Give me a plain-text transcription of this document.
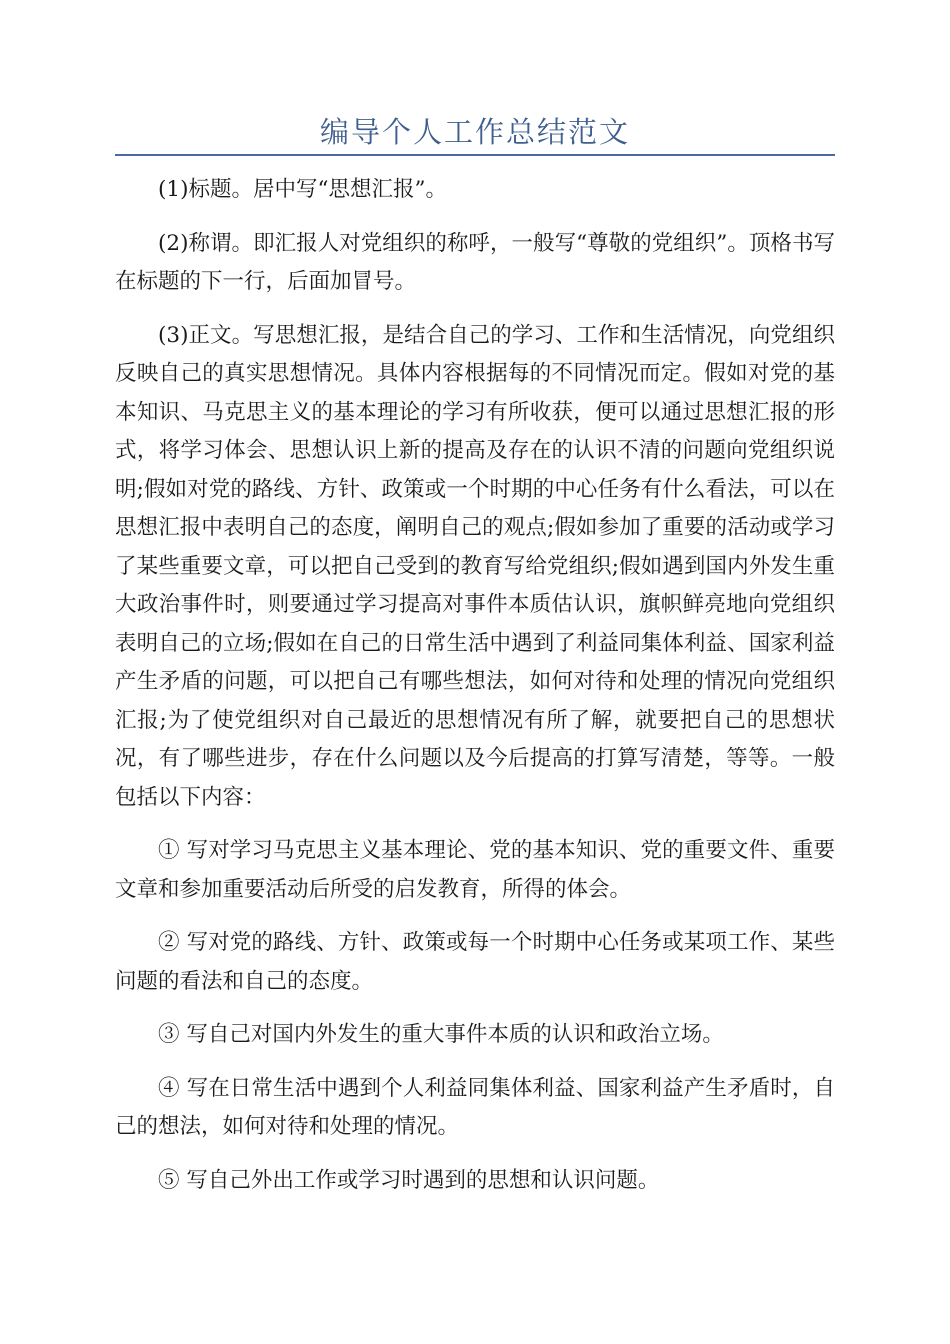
编导个人工作总结范文

(1)标题。居中写“思想汇报”。

(2)称谓。即汇报人对党组织的称呼，一般写“尊敬的党组织”。顶格书写在标题的下一行，后面加冒号。

(3)正文。写思想汇报，是结合自己的学习、工作和生活情况，向党组织反映自己的真实思想情况。具体内容根据每的不同情况而定。假如对党的基本知识、马克思主义的基本理论的学习有所收获，便可以通过思想汇报的形式，将学习体会、思想认识上新的提高及存在的认识不清的问题向党组织说明;假如对党的路线、方针、政策或一个时期的中心任务有什么看法，可以在思想汇报中表明自己的态度，阐明自己的观点;假如参加了重要的活动或学习了某些重要文章，可以把自己受到的教育写给党组织;假如遇到国内外发生重大政治事件时，则要通过学习提高对事件本质估认识，旗帜鲜亮地向党组织表明自己的立场;假如在自己的日常生活中遇到了利益同集体利益、国家利益产生矛盾的问题，可以把自己有哪些想法，如何对待和处理的情况向党组织汇报;为了使党组织对自己最近的思想情况有所了解，就要把自己的思想状况，有了哪些进步，存在什么问题以及今后提高的打算写清楚，等等。一般包括以下内容：

① 写对学习马克思主义基本理论、党的基本知识、党的重要文件、重要文章和参加重要活动后所受的启发教育，所得的体会。

② 写对党的路线、方针、政策或每一个时期中心任务或某项工作、某些问题的看法和自己的态度。

③ 写自己对国内外发生的重大事件本质的认识和政治立场。

④ 写在日常生活中遇到个人利益同集体利益、国家利益产生矛盾时，自己的想法，如何对待和处理的情况。

⑤ 写自己外出工作或学习时遇到的思想和认识问题。
